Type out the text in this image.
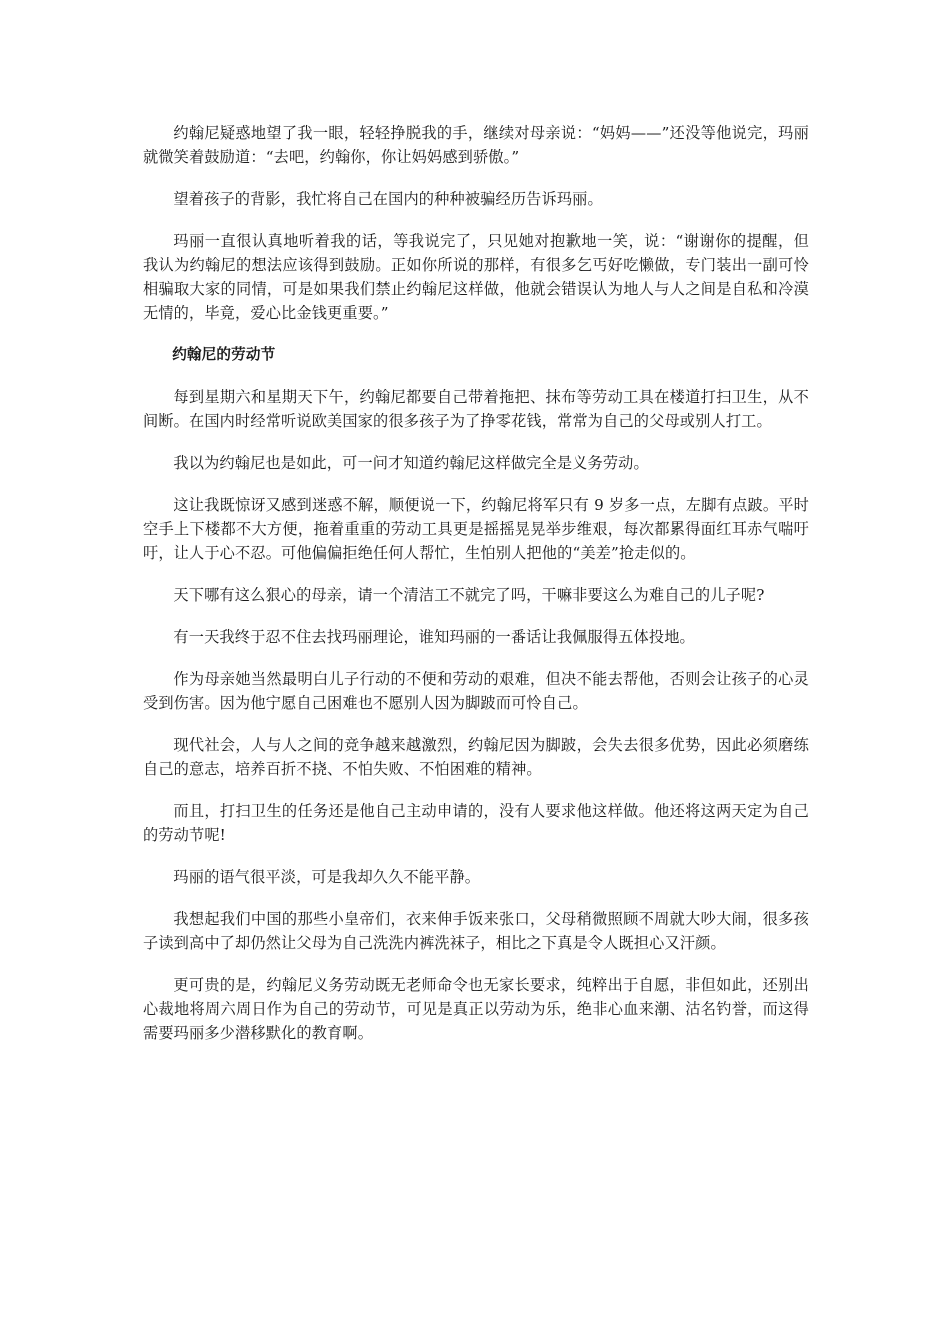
约翰尼疑惑地望了我一眼，轻轻挣脱我的手，继续对母亲说：“妈妈——”还没等他说完，玛丽就微笑着鼓励道：“去吧，约翰你，你让妈妈感到骄傲。”

望着孩子的背影，我忙将自己在国内的种种被骗经历告诉玛丽。

玛丽一直很认真地听着我的话，等我说完了，只见她对抱歉地一笑，说：“谢谢你的提醒，但我认为约翰尼的想法应该得到鼓励。正如你所说的那样，有很多乞丐好吃懒做，专门装出一副可怜相骗取大家的同情，可是如果我们禁止约翰尼这样做，他就会错误认为地人与人之间是自私和冷漠无情的，毕竟，爱心比金钱更重要。”

约翰尼的劳动节

每到星期六和星期天下午，约翰尼都要自己带着拖把、抹布等劳动工具在楼道打扫卫生，从不间断。在国内时经常听说欧美国家的很多孩子为了挣零花钱，常常为自己的父母或别人打工。

我以为约翰尼也是如此，可一问才知道约翰尼这样做完全是义务劳动。

这让我既惊讶又感到迷惑不解，顺便说一下，约翰尼将军只有 9 岁多一点，左脚有点跛。平时空手上下楼都不大方便，拖着重重的劳动工具更是摇摇晃晃举步维艰，每次都累得面红耳赤气喘吁吁，让人于心不忍。可他偏偏拒绝任何人帮忙，生怕别人把他的“美差”抢走似的。

天下哪有这么狠心的母亲，请一个清洁工不就完了吗，干嘛非要这么为难自己的儿子呢?

有一天我终于忍不住去找玛丽理论，谁知玛丽的一番话让我佩服得五体投地。

作为母亲她当然最明白儿子行动的不便和劳动的艰难，但决不能去帮他，否则会让孩子的心灵受到伤害。因为他宁愿自己困难也不愿别人因为脚跛而可怜自己。

现代社会，人与人之间的竞争越来越激烈，约翰尼因为脚跛，会失去很多优势，因此必须磨练自己的意志，培养百折不挠、不怕失败、不怕困难的精神。

而且，打扫卫生的任务还是他自己主动申请的，没有人要求他这样做。他还将这两天定为自己的劳动节呢!

玛丽的语气很平淡，可是我却久久不能平静。

我想起我们中国的那些小皇帝们，衣来伸手饭来张口，父母稍微照顾不周就大吵大闹，很多孩子读到高中了却仍然让父母为自己洗洗内裤洗袜子，相比之下真是令人既担心又汗颜。

更可贵的是，约翰尼义务劳动既无老师命令也无家长要求，纯粹出于自愿，非但如此，还别出心裁地将周六周日作为自己的劳动节，可见是真正以劳动为乐，绝非心血来潮、沽名钓誉，而这得需要玛丽多少潜移默化的教育啊。
